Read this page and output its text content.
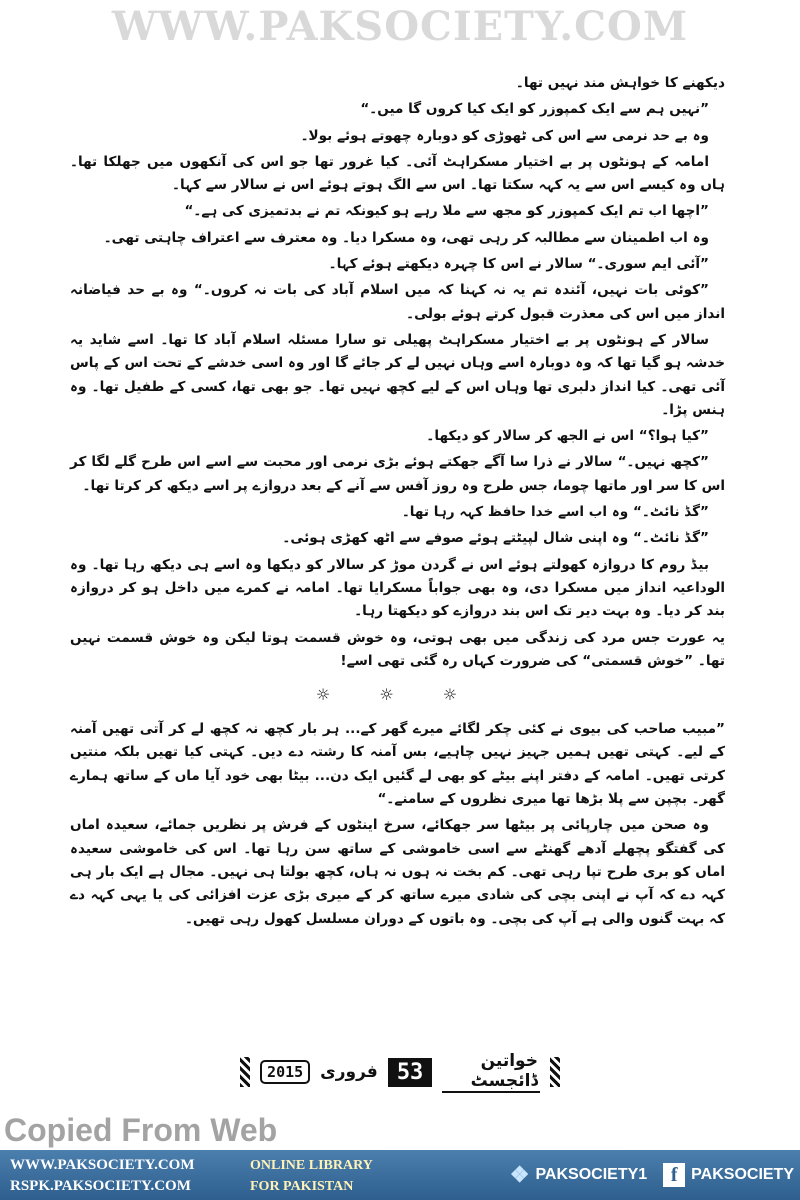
WWW.PAKSOCIETY.COM

دیکھنے کا خواہش مند نہیں تھا۔

”نہیں ہم سے ایک کمپوزر کو ایک کیا کروں گا میں۔“

وہ بے حد نرمی سے اس کی ٹھوڑی کو دوبارہ چھوتے ہوئے بولا۔

امامہ کے ہونٹوں پر بے اختیار مسکراہٹ آئی۔ کیا غرور تھا جو اس کی آنکھوں میں جھلکا تھا۔ ہاں وہ کیسے اس سے یہ کہہ سکتا تھا۔ اس سے الگ ہوتے ہوئے اس نے سالار سے کہا۔

”اچھا اب تم ایک کمپوزر کو مجھ سے ملا رہے ہو کیونکہ تم نے بدتمیزی کی ہے۔“

وہ اب اطمینان سے مطالبہ کر رہی تھی، وہ مسکرا دیا۔ وہ معترف سے اعتراف چاہتی تھی۔

”آئی ایم سوری۔“ سالار نے اس کا چہرہ دیکھتے ہوئے کہا۔

”کوئی بات نہیں، آئندہ تم یہ نہ کہنا کہ میں اسلام آباد کی بات نہ کروں۔“ وہ بے حد فیاضانہ انداز میں اس کی معذرت قبول کرتے ہوئے بولی۔

سالار کے ہونٹوں پر بے اختیار مسکراہٹ پھیلی تو سارا مسئلہ اسلام آباد کا تھا۔ اسے شاید یہ خدشہ ہو گیا تھا کہ وہ دوبارہ اسے وہاں نہیں لے کر جائے گا اور وہ اسی خدشے کے تحت اس کے پاس آئی تھی۔ کیا انداز دلبری تھا وہاں اس کے لیے کچھ نہیں تھا۔ جو بھی تھا، کسی کے طفیل تھا۔ وہ ہنس پڑا۔

”کیا ہوا؟“ اس نے الجھ کر سالار کو دیکھا۔

”کچھ نہیں۔“ سالار نے ذرا سا آگے جھکتے ہوئے بڑی نرمی اور محبت سے اسے اس طرح گلے لگا کر اس کا سر اور ماتھا چوما، جس طرح وہ روز آفس سے آنے کے بعد دروازے پر اسے دیکھ کر کرتا تھا۔

”گڈ نائٹ۔“ وہ اب اسے خدا حافظ کہہ رہا تھا۔

”گڈ نائٹ۔“ وہ اپنی شال لپیٹتے ہوئے صوفے سے اٹھ کھڑی ہوئی۔

بیڈ روم کا دروازہ کھولتے ہوئے اس نے گردن موڑ کر سالار کو دیکھا وہ اسے ہی دیکھ رہا تھا۔ وہ الوداعیہ انداز میں مسکرا دی، وہ بھی جواباً مسکرایا تھا۔ امامہ نے کمرے میں داخل ہو کر دروازہ بند کر دیا۔ وہ بہت دیر تک اس بند دروازے کو دیکھتا رہا۔

یہ عورت جس مرد کی زندگی میں بھی ہوتی، وہ خوش قسمت ہوتا لیکن وہ خوش قسمت نہیں تھا۔ ”خوش قسمتی“ کی ضرورت کہاں رہ گئی تھی اسے!

☼ ☼ ☼

”مبیب صاحب کی بیوی نے کئی چکر لگائے میرے گھر کے... ہر بار کچھ نہ کچھ لے کر آتی تھیں آمنہ کے لیے۔ کہتی تھیں ہمیں جہیز نہیں چاہیے، بس آمنہ کا رشتہ دے دیں۔ کہتی کیا تھیں بلکہ منتیں کرتی تھیں۔ امامہ کے دفتر اپنے بیٹے کو بھی لے گئیں ایک دن... بیٹا بھی خود آیا ماں کے ساتھ ہمارے گھر۔ بچپن سے پلا بڑھا تھا میری نظروں کے سامنے۔“

وہ صحن میں چارپائی پر بیٹھا سر جھکائے، سرخ اینٹوں کے فرش پر نظریں جمائے، سعیدہ اماں کی گفتگو پچھلے آدھے گھنٹے سے اسی خاموشی کے ساتھ سن رہا تھا۔ اس کی خاموشی سعیدہ اماں کو بری طرح تپا رہی تھی۔ کم بخت نہ ہوں نہ ہاں، کچھ بولتا ہی نہیں۔ مجال ہے ایک بار ہی کہہ دے کہ آپ نے اپنی بچی کی شادی میرے ساتھ کر کے میری بڑی عزت افزائی کی یا یہی کہہ دے کہ بہت گنوں والی ہے آپ کی بچی۔ وہ باتوں کے دوران مسلسل کھول رہی تھیں۔

خواتین ڈائجسٹ
53
فروری
2015
Copied From Web
WWW.PAKSOCIETY.COM
RSPK.PAKSOCIETY.COM
ONLINE LIBRARY
FOR PAKISTAN	❖ PAKSOCIETY1	f PAKSOCIETY
